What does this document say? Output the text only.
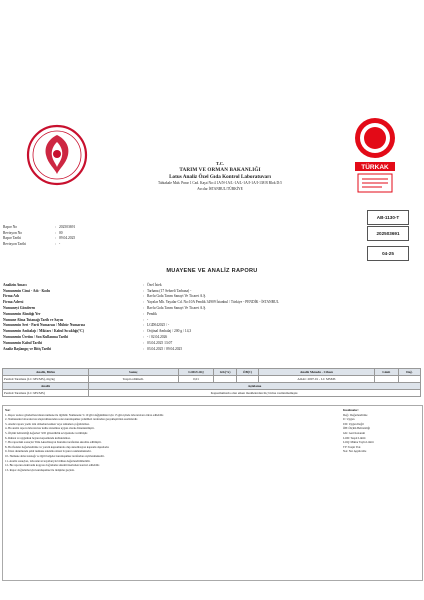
TÜRKAK
T.C.
TARIM VE ORMAN BAKANLIĞI
Lotus Analiz Özel Gıda Kontrol Laboratuvarı
Tahtakale Mah. Pınar 1 Cad. Kaşıt No:4 1A/N-1A/L-1A/L-1A/J-1A/I-138 B Blok D:5
Avcılar İSTANBUL/TÜRKİYE
Rapor No	: 202503691
Revizyon No	: 00
Rapor Tarihi	: 09.04.2025
Revizyon Tarihi	: -
AB-1130-T
202503691
04-25
MUAYENE VE ANALİZ RAPORU
Analizin Amacı	: Özel İstek
Numunenin Cinsi - Adı - Kodu	: Tarhana (17 Sebzeli Tarhana) -
Firma Adı	: Ravlu Gıda Tarım Sanayi Ve Ticaret A.Ş.
Firma Adresi	: Yayalar Mh. Yayalar Cd. No:10A Pendik 34909 İstanbul / Türkiye - PENDİK - İSTANBUL
Numuneyi Gönderen	: Ravlu Gıda Tarım Sanayi Ve Ticaret A.Ş.
Numunenin Alındığı Yer	: Pendik
Numune Alma Tutanağı Tarih ve Sayısı	: -
Numunenin Seri - Parti Numarası / Mühür Numarası	: LGD042025 / -
Numunenin Ambalajı / Miktarı / Kabul Sıcaklığı(°C)	: Orijinal Ambalaj / 200 g / 14,3
Numunenin Üretim / Son Kullanma Tarihi	: - / 02.04.2026
Numunenin Kabul Tarihi	: 03.04.2025 13:07
Analiz Başlangıç ve Bitiş Tarihi	: 03.04.2025 / 09.04.2025
Analiz, Birim	Sonuç	LOD/LOQ	GK(%)	ÖB(±)	Analiz Metodu - Cihazı	Limit	Değ.
Pestisit Taraması (LC MS/MS), mg/kg	Tespit edilmedi.	0,01			AOAC 2007.01 - LC MSMS		
Analiz	Açıklama						
Pestisit Taraması (LC MS/MS)	Kapsamımızda olan etken maddelerden hiç birine rastlanmamıştır.						

Not:

1- Rapor sadece gönderilen/alınan numune ile ilgilidir. Numunede % 10 gibi değişiklikler için 15 gün içinde laboratuvara itiraz edilebilir.

2- Numunenin laboratuvara ulaştırılmasından sonra kuruluşumuz yetkilileri tarafından gerçekleştirilen analizlerdir.

3- Analiz raporu yazılı izin olmadan kısmen veya tamamen çoğaltılamaz.

4- Bu analiz raporu laboratuvar kalite sistemine uygun olarak düzenlenmiştir.

5- Ölçüm belirsizliği değerleri %95 güvenilirlik seviyesinde verilmiştir.

6- Ruhsat ve uygunluk beyanı kapsamında kullanılamaz.

7- Bu rapordaki sonuçlar Türk Akreditasyon Kurumu tarafından akredite edilmiştir.

8- Bu ifadeler değerlendirme ve yorum kapsamında olup akreditasyon kapsamı dışındadır.

9- İtiraz durumunda şahit numune saklama süresi boyunca saklanmaktadır.

10- Numune alma tutanağı ve ilgili belgeler kuruluşumuz tarafından arşivlenmektedir.

11- Analiz sonuçları, laboratuvar kayıtlarıyla birlikte değerlendirilmelidir.

12- Bu raporun elektronik kopyası doğrulama sistemi üzerinden kontrol edilebilir.

13- Rapor doğrulama için kuruluşumuz ile iletişime geçiniz.

Kısaltmalar:

Değ.: Değerlendirme

U: Uygun

UD: Uygun Değil

ÖB: Ölçüm Belirsizliği

GK: Geri Kazanım

LOD: Tespit Limiti

LOQ: Miktar Tayin Limiti

TY: Tespit Yok

NA: Not Applicable
